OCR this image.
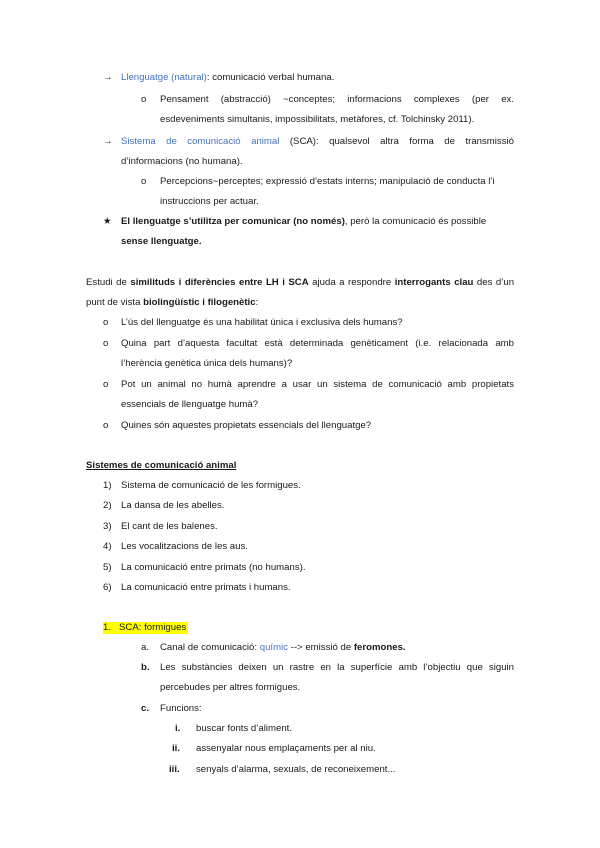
→ Llenguatge (natural): comunicació verbal humana.
o Pensament (abstracció) ~conceptes; informacions complexes (per ex.
esdeveniments simultanis, impossibilitats, metàfores, cf. Tolchinsky 2011).
→ Sistema de comunicació animal (SCA): qualsevol altra forma de transmissió
d’informacions (no humana).
o Percepcions~perceptes; expressió d’estats interns; manipulació de conducta l’i
instruccions per actuar.
★ El llenguatge s’utilitza per comunicar (no només), però la comunicació és possible
sense llenguatge.
Estudi de similituds i diferències entre LH i SCA ajuda a respondre interrogants clau des d’un
punt de vista biolingüístic i filogenètic:
o L’ús del llenguatge és una habilitat única i exclusiva dels humans?
o Quina part d’aquesta facultat està determinada genèticament (i.e. relacionada amb
l’herència genètica única dels humans)?
o Pot un animal no humà aprendre a usar un sistema de comunicació amb propietats
essencials de llenguatge humà?
o Quines són aquestes propietats essencials del llenguatge?
Sistemes de comunicació animal
1) Sistema de comunicació de les formigues.
2) La dansa de les abelles.
3) El cant de les balenes.
4) Les vocalitzacions de les aus.
5) La comunicació entre primats (no humans).
6) La comunicació entre primats i humans.
1. SCA: formigues
a. Canal de comunicació: químic --> emissió de feromones.
b. Les substàncies deixen un rastre en la superfície amb l’objectiu que siguin
percebudes per altres formigues.
c. Funcions:
i. buscar fonts d’aliment.
ii. assenyalar nous emplaçaments per al niu.
iii. senyals d’alarma, sexuals, de reconeixement...
